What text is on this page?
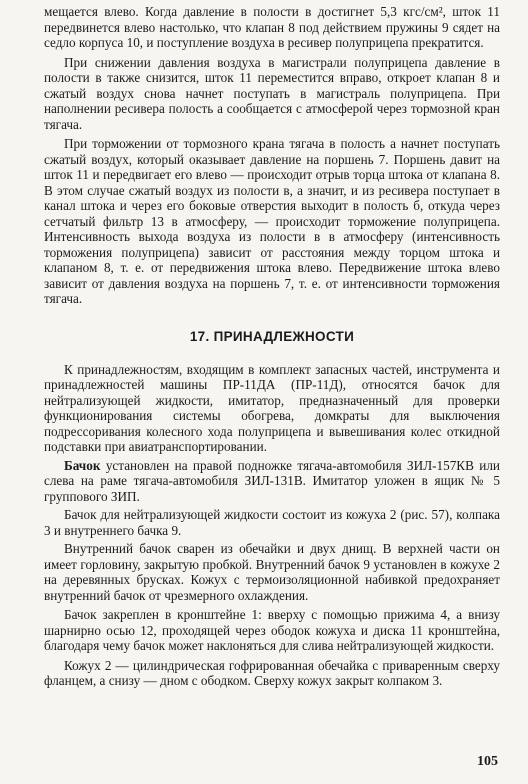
мещается влево. Когда давление в полости в достигнет 5,3 кгс/см², шток 11 передвинется влево настолько, что клапан 8 под действием пружины 9 сядет на седло корпуса 10, и поступление воздуха в ресивер полуприцепа прекратится.

При снижении давления воздуха в магистрали полуприцепа давление в полости в также снизится, шток 11 переместится вправо, откроет клапан 8 и сжатый воздух снова начнет поступать в магистраль полуприцепа. При наполнении ресивера полость а сообщается с атмосферой через тормозной кран тягача.

При торможении от тормозного крана тягача в полость а начнет поступать сжатый воздух, который оказывает давление на поршень 7. Поршень давит на шток 11 и передвигает его влево — происходит отрыв торца штока от клапана 8. В этом случае сжатый воздух из полости в, а значит, и из ресивера поступает в канал штока и через его боковые отверстия выходит в полость б, откуда через сетчатый фильтр 13 в атмосферу, — происходит торможение полуприцепа. Интенсивность выхода воздуха из полости в в атмосферу (интенсивность торможения полуприцепа) зависит от расстояния между торцом штока и клапаном 8, т. е. от передвижения штока влево. Передвижение штока влево зависит от давления воздуха на поршень 7, т. е. от интенсивности торможения тягача.

17. ПРИНАДЛЕЖНОСТИ

К принадлежностям, входящим в комплект запасных частей, инструмента и принадлежностей машины ПР-11ДА (ПР-11Д), относятся бачок для нейтрализующей жидкости, имитатор, предназначенный для проверки функционирования системы обогрева, домкраты для выключения подрессоривания колесного хода полуприцепа и вывешивания колес откидной подставки при авиатранспортировании.

Бачок установлен на правой подножке тягача-автомобиля ЗИЛ-157КВ или слева на раме тягача-автомобиля ЗИЛ-131В. Имитатор уложен в ящик № 5 группового ЗИП.

Бачок для нейтрализующей жидкости состоит из кожуха 2 (рис. 57), колпака 3 и внутреннего бачка 9.

Внутренний бачок сварен из обечайки и двух днищ. В верхней части он имеет горловину, закрытую пробкой. Внутренний бачок 9 установлен в кожухе 2 на деревянных брусках. Кожух с термоизоляционной набивкой предохраняет внутренний бачок от чрезмерного охлаждения.

Бачок закреплен в кронштейне 1: вверху с помощью прижима 4, а внизу шарнирно осью 12, проходящей через ободок кожуха и диска 11 кронштейна, благодаря чему бачок может наклоняться для слива нейтрализующей жидкости.

Кожух 2 — цилиндрическая гофрированная обечайка с приваренным сверху фланцем, а снизу — дном с ободком. Сверху кожух закрыт колпаком 3.

105
